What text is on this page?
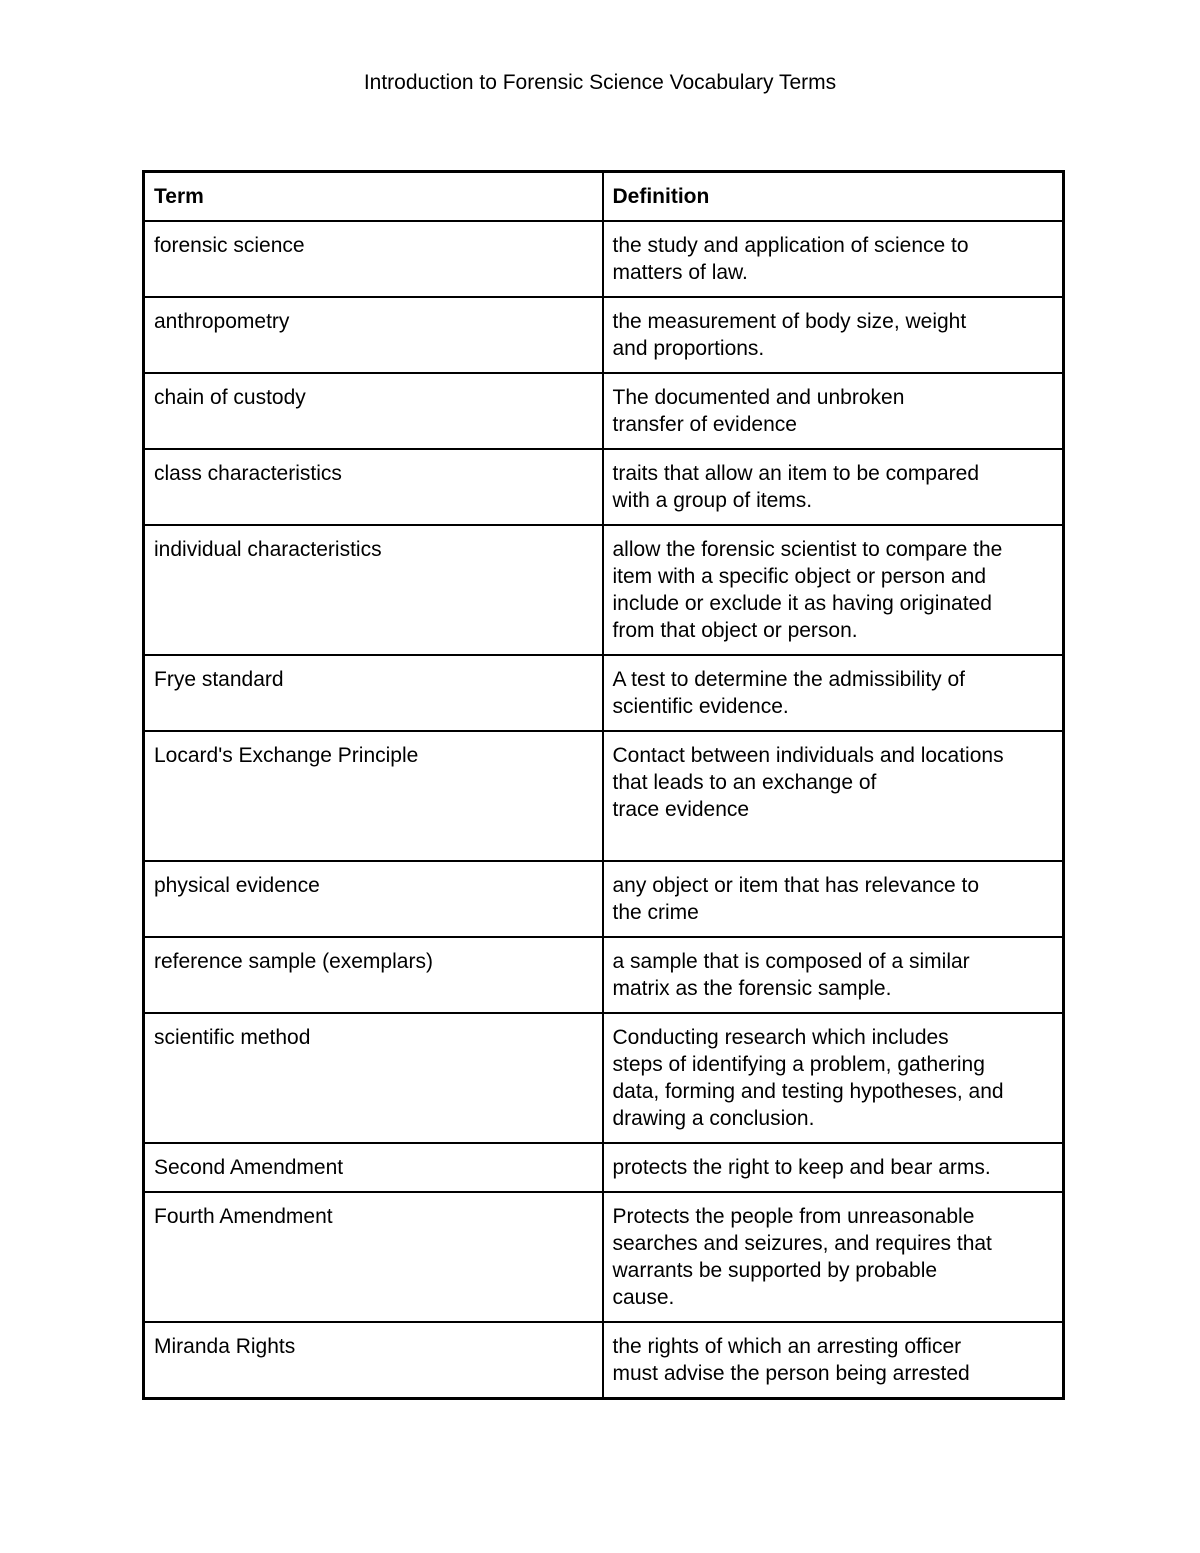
Introduction to Forensic Science Vocabulary Terms
Term	Definition
forensic science	the study and application of science to
matters of law.
anthropometry	the measurement of body size, weight
and proportions.
chain of custody	The documented and unbroken
transfer of evidence
class characteristics	traits that allow an item to be compared
with a group of items.
individual characteristics	allow the forensic scientist to compare the
item with a specific object or person and
include or exclude it as having originated
from that object or person.
Frye standard	A test to determine the admissibility of
scientific evidence.
Locard's Exchange Principle	Contact between individuals and locations
that leads to an exchange of
trace evidence
physical evidence	any object or item that has relevance to
the crime
reference sample (exemplars)	a sample that is composed of a similar
matrix as the forensic sample.
scientific method	Conducting research which includes
steps of identifying a problem, gathering
data, forming and testing hypotheses, and
drawing a conclusion.
Second Amendment	protects the right to keep and bear arms.
Fourth Amendment	Protects the people from unreasonable
searches and seizures, and requires that
warrants be supported by probable
cause.
Miranda Rights	the rights of which an arresting officer
must advise the person being arrested
